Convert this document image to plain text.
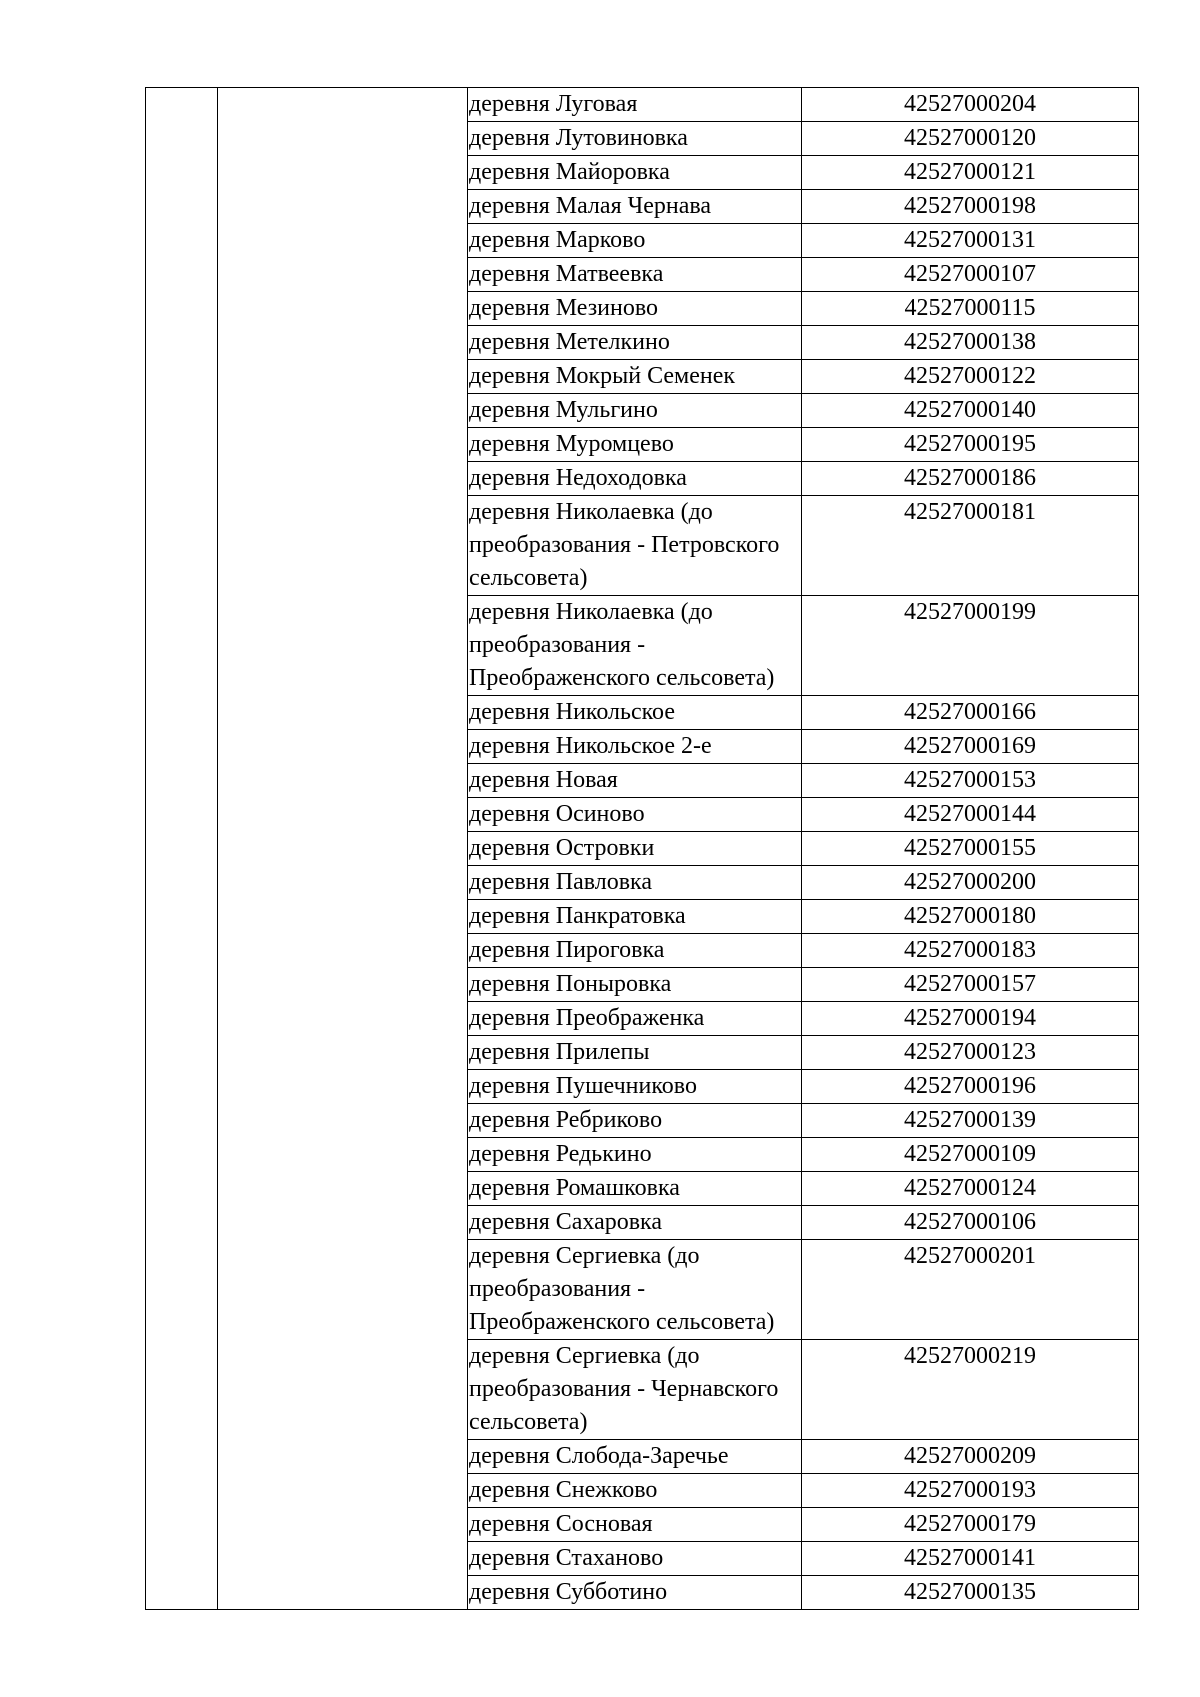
		деревня Луговая	42527000204
		деревня Лутовиновка	42527000120
		деревня Майоровка	42527000121
		деревня Малая Чернава	42527000198
		деревня Марково	42527000131
		деревня Матвеевка	42527000107
		деревня Мезиново	42527000115
		деревня Метелкино	42527000138
		деревня Мокрый Семенек	42527000122
		деревня Мульгино	42527000140
		деревня Муромцево	42527000195
		деревня Недоходовка	42527000186
		деревня Николаевка (до преобразования - Петровского сельсовета)	42527000181
		деревня Николаевка (до преобразования - Преображенского сельсовета)	42527000199
		деревня Никольское	42527000166
		деревня Никольское 2-е	42527000169
		деревня Новая	42527000153
		деревня Осиново	42527000144
		деревня Островки	42527000155
		деревня Павловка	42527000200
		деревня Панкратовка	42527000180
		деревня Пироговка	42527000183
		деревня Поныровка	42527000157
		деревня Преображенка	42527000194
		деревня Прилепы	42527000123
		деревня Пушечниково	42527000196
		деревня Ребриково	42527000139
		деревня Редькино	42527000109
		деревня Ромашковка	42527000124
		деревня Сахаровка	42527000106
		деревня Сергиевка (до преобразования - Преображенского сельсовета)	42527000201
		деревня Сергиевка (до преобразования - Чернавского сельсовета)	42527000219
		деревня Слобода-Заречье	42527000209
		деревня Снежково	42527000193
		деревня Сосновая	42527000179
		деревня Стаханово	42527000141
		деревня Субботино	42527000135
